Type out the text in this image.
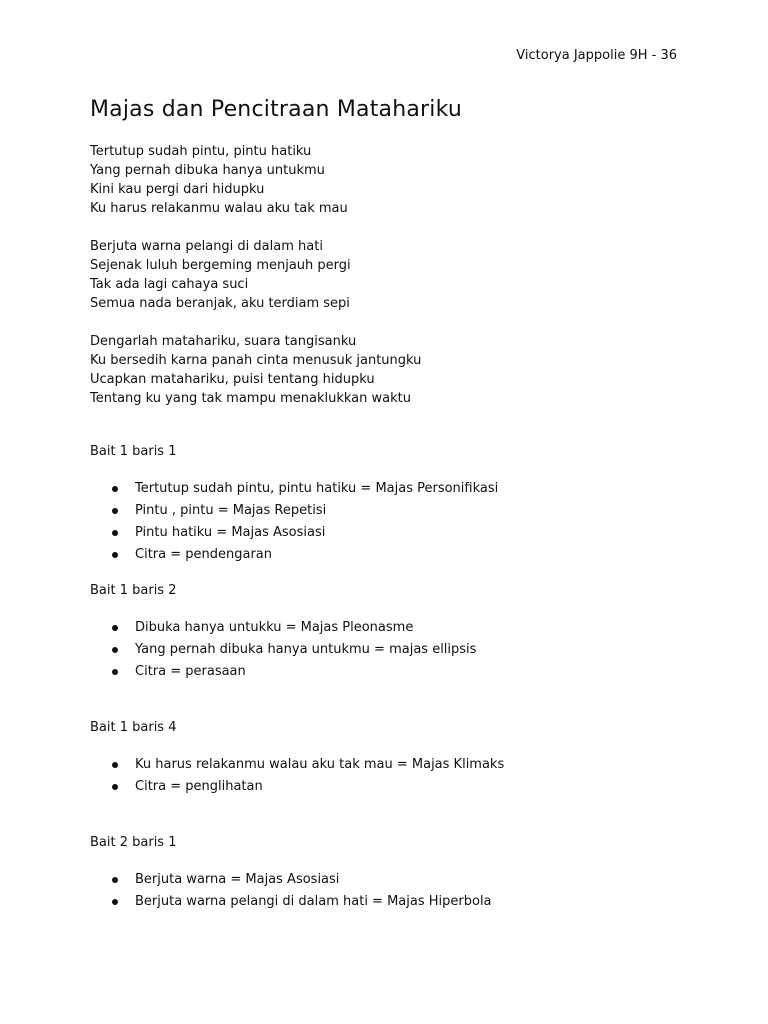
Victorya Jappolie 9H - 36
Majas dan Pencitraan Matahariku
Tertutup sudah pintu, pintu hatiku
Yang pernah dibuka hanya untukmu
Kini kau pergi dari hidupku
Ku harus relakanmu walau aku tak mau
Berjuta warna pelangi di dalam hati
Sejenak luluh bergeming menjauh pergi
Tak ada lagi cahaya suci
Semua nada beranjak, aku terdiam sepi
Dengarlah matahariku, suara tangisanku
Ku bersedih karna panah cinta menusuk jantungku
Ucapkan matahariku, puisi tentang hidupku
Tentang ku yang tak mampu menaklukkan waktu
Bait 1 baris 1
Tertutup sudah pintu, pintu hatiku = Majas Personifikasi
Pintu , pintu = Majas Repetisi
Pintu hatiku = Majas Asosiasi
Citra = pendengaran
Bait 1 baris 2
Dibuka hanya untukku = Majas Pleonasme
Yang pernah dibuka hanya untukmu = majas ellipsis
Citra = perasaan
Bait 1 baris 4
Ku harus relakanmu walau aku tak mau = Majas Klimaks
Citra = penglihatan
Bait 2 baris 1
Berjuta warna = Majas Asosiasi
Berjuta warna pelangi di dalam hati = Majas Hiperbola
